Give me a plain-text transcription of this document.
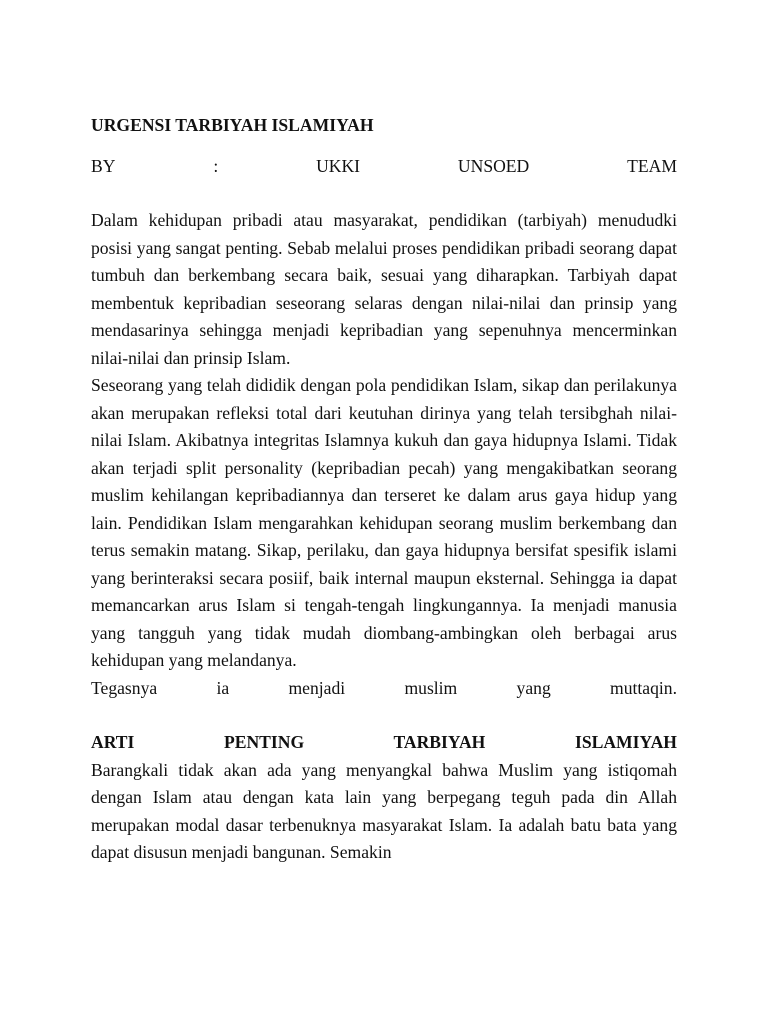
URGENSI TARBIYAH ISLAMIYAH
BY	:	UKKI	UNSOED	TEAM

Dalam kehidupan pribadi atau masyarakat, pendidikan (tarbiyah) menududki posisi yang sangat penting. Sebab melalui proses pendidikan pribadi seorang dapat tumbuh dan berkembang secara baik, sesuai yang diharapkan. Tarbiyah dapat membentuk kepribadian seseorang selaras dengan nilai-nilai dan prinsip yang mendasarinya sehingga menjadi kepribadian yang sepenuhnya mencerminkan nilai-nilai dan prinsip Islam.

Seseorang yang telah dididik dengan pola pendidikan Islam, sikap dan perilakunya akan merupakan refleksi total dari keutuhan dirinya yang telah tersibghah nilai-nilai Islam. Akibatnya integritas Islamnya kukuh dan gaya hidupnya Islami. Tidak akan terjadi split personality (kepribadian pecah) yang mengakibatkan seorang muslim kehilangan kepribadiannya dan terseret ke dalam arus gaya hidup yang lain. Pendidikan Islam mengarahkan kehidupan seorang muslim berkembang dan terus semakin matang. Sikap, perilaku, dan gaya hidupnya bersifat spesifik islami yang berinteraksi secara posiif, baik internal maupun eksternal. Sehingga ia dapat memancarkan arus Islam si tengah-tengah lingkungannya. Ia menjadi manusia yang tangguh yang tidak mudah diombang-ambingkan oleh berbagai arus kehidupan yang melandanya.

Tegasnya ia menjadi muslim yang muttaqin.

ARTI PENTING TARBIYAH ISLAMIYAH

Barangkali tidak akan ada yang menyangkal bahwa Muslim yang istiqomah dengan Islam atau dengan kata lain yang berpegang teguh pada din Allah merupakan modal dasar terbenuknya masyarakat Islam. Ia adalah batu bata yang dapat disusun menjadi bangunan. Semakin
